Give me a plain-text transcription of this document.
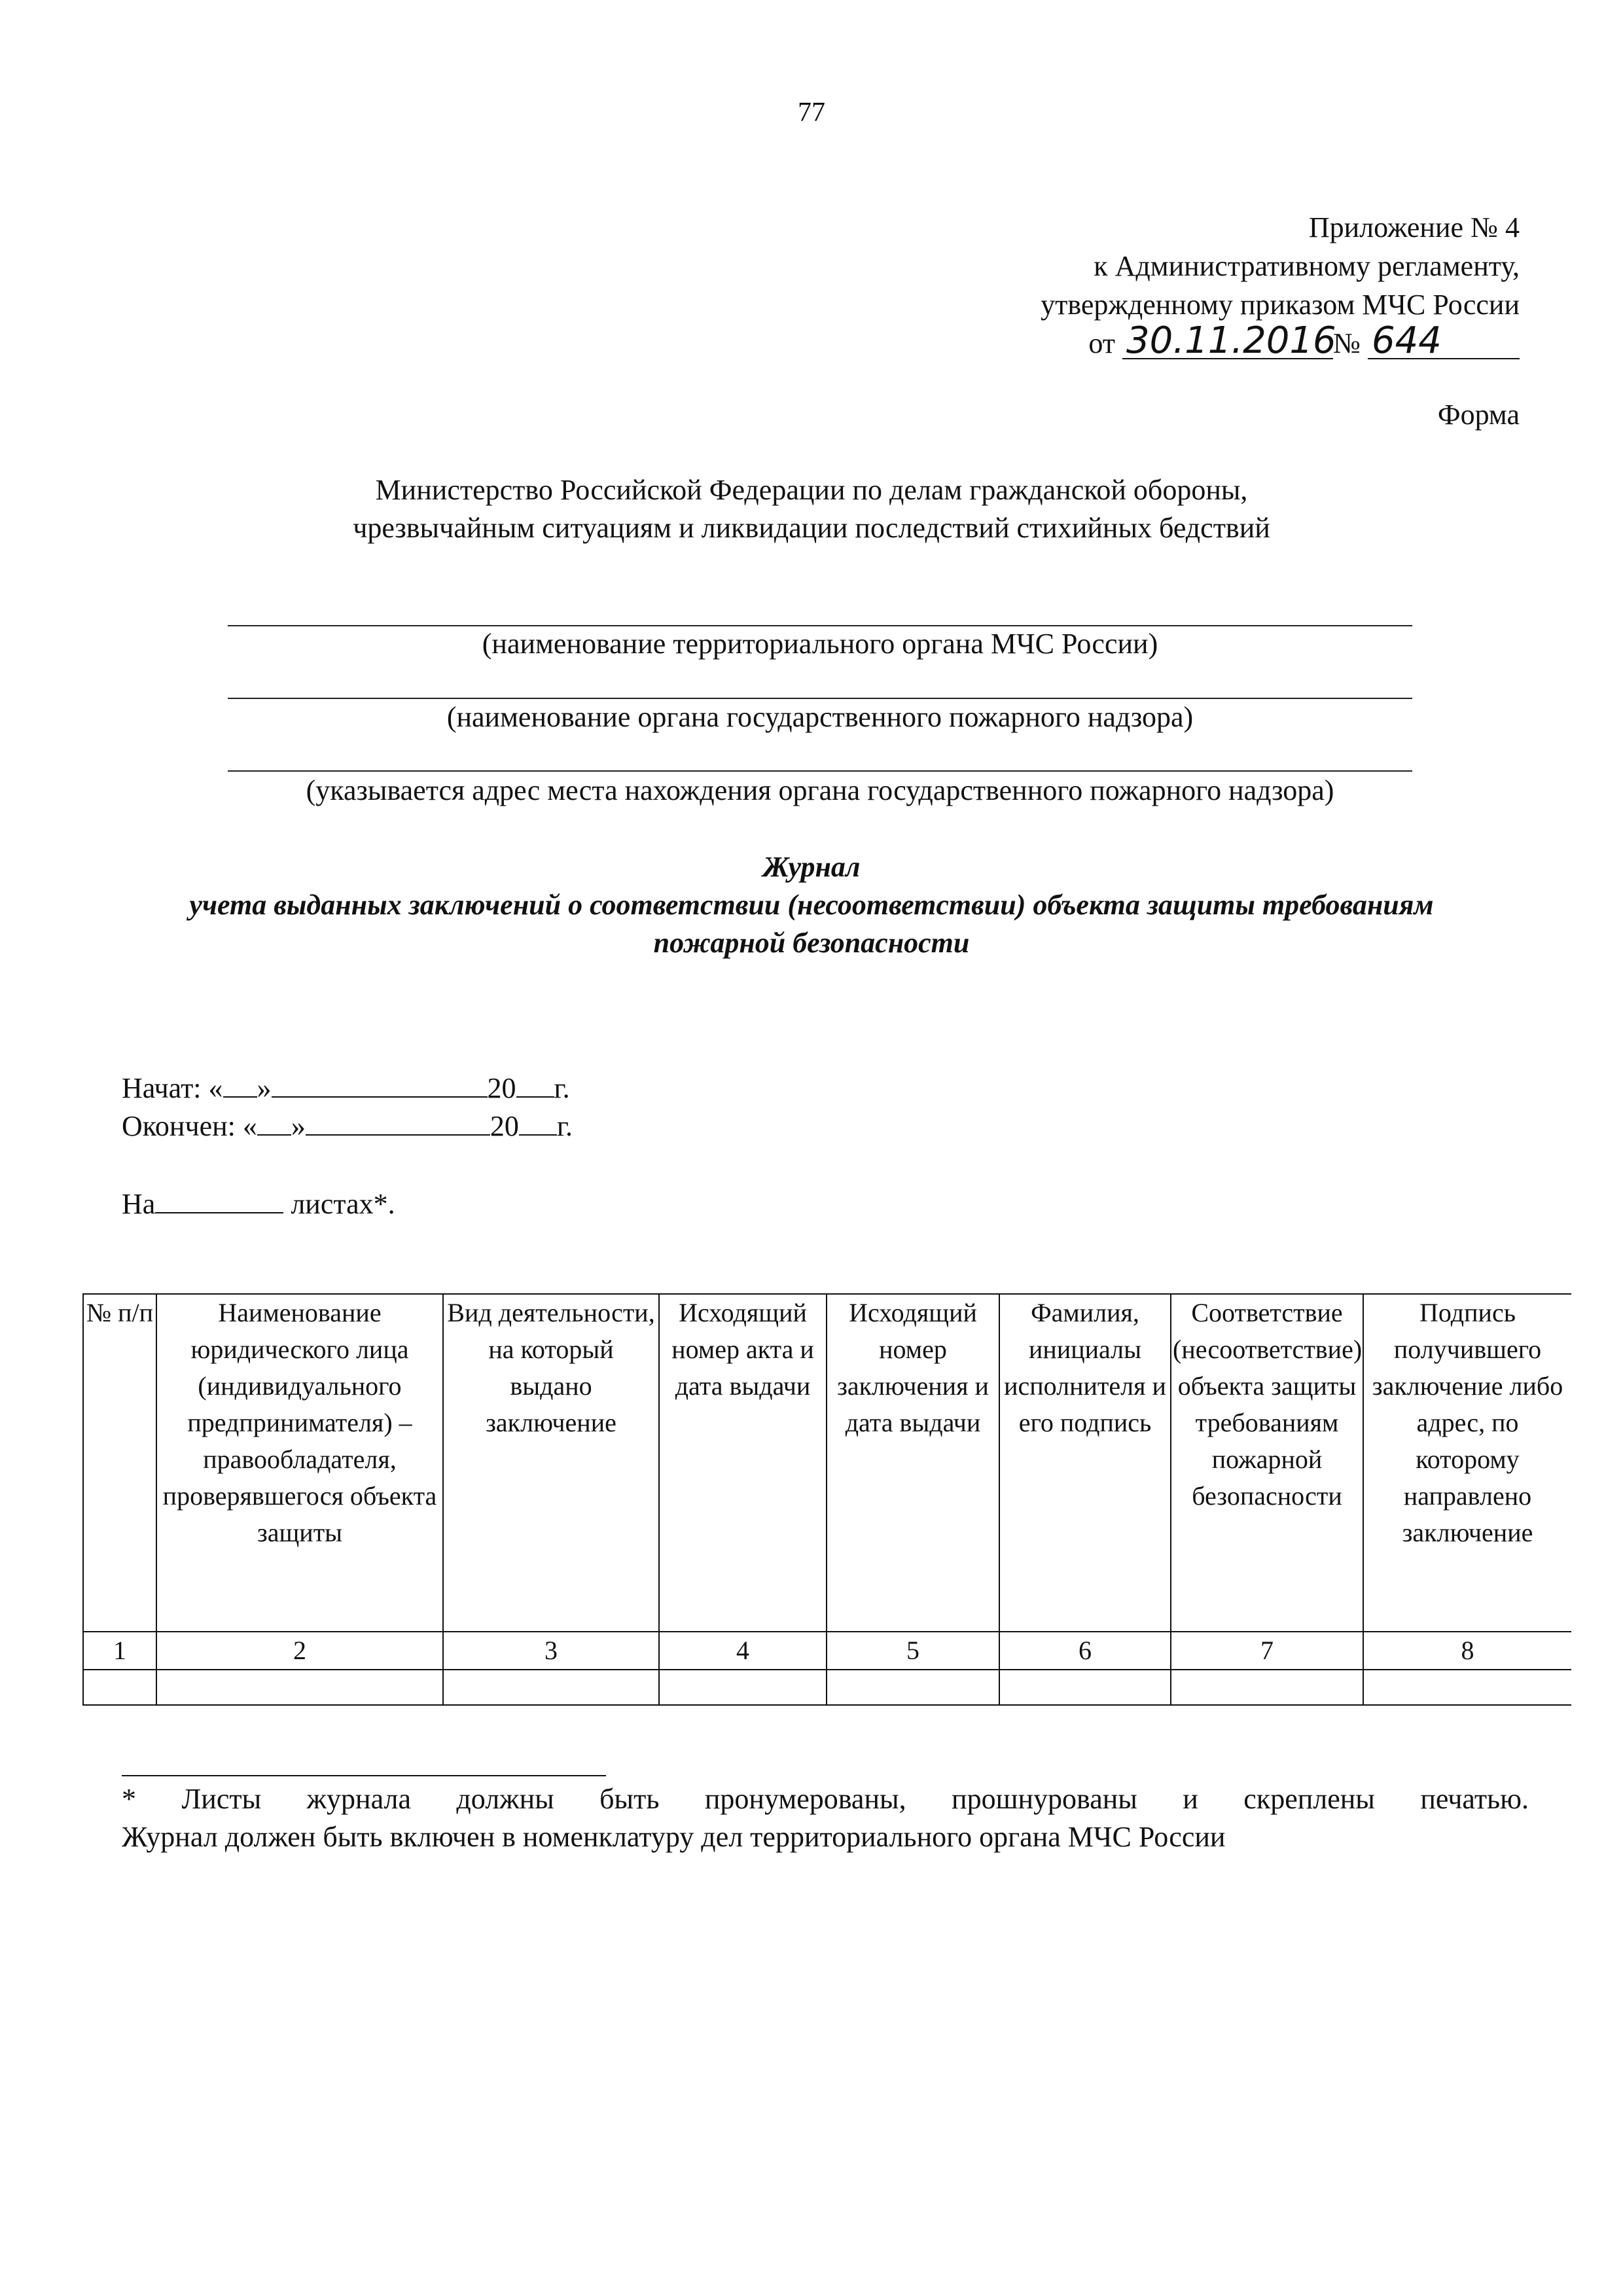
77
Приложение № 4
к Административному регламенту,
утвержденному приказом МЧС России
от 30.11.2016№ 644
Форма
Министерство Российской Федерации по делам гражданской обороны,
чрезвычайным ситуациям и ликвидации последствий стихийных бедствий
(наименование территориального органа МЧС России)
(наименование органа государственного пожарного надзора)
(указывается адрес места нахождения органа государственного пожарного надзора)
Журнал
учета выданных заключений о соответствии (несоответствии) объекта защиты требованиям
пожарной безопасности
Начат: « »	20 г.
Окончен: « »	20 г.
На	листах*.
№ п/п	Наименование юридического лица (индивидуального предпринимателя) – правообладателя, проверявшегося объекта защиты	Вид деятельности, на который выдано заключение	Исходящий номер акта и дата выдачи	Исходящий номер заключения и дата выдачи	Фамилия, инициалы исполнителя и его подпись	Соответствие (несоответствие) объекта защиты требованиям пожарной безопасности	Подпись получившего заключение либо адрес, по которому направлено заключение
1	2	3	4	5	6	7	8

* Листы журнала должны быть пронумерованы, прошнурованы и скреплены печатью.
Журнал должен быть включен в номенклатуру дел территориального органа МЧС России
